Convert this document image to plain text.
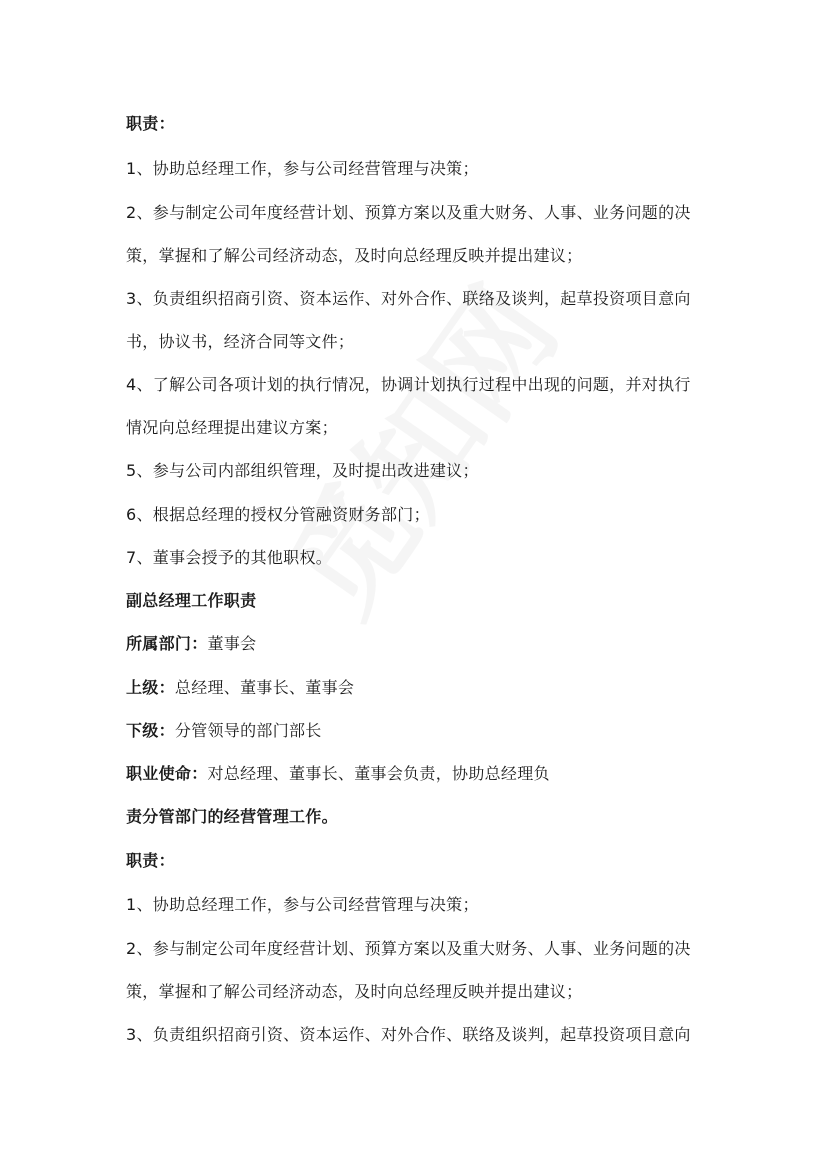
职责：
1、协助总经理工作，参与公司经营管理与决策；
2、参与制定公司年度经营计划、预算方案以及重大财务、人事、业务问题的决
策，掌握和了解公司经济动态，及时向总经理反映并提出建议；
3、负责组织招商引资、资本运作、对外合作、联络及谈判，起草投资项目意向
书，协议书，经济合同等文件；
4、了解公司各项计划的执行情况，协调计划执行过程中出现的问题，并对执行
情况向总经理提出建议方案；
5、参与公司内部组织管理，及时提出改进建议；
6、根据总经理的授权分管融资财务部门；
7、董事会授予的其他职权。
副总经理工作职责
所属部门：董事会
上级：总经理、董事长、董事会
下级：分管领导的部门部长
职业使命：对总经理、董事长、董事会负责，协助总经理负
责分管部门的经营管理工作。
职责：
1、协助总经理工作，参与公司经营管理与决策；
2、参与制定公司年度经营计划、预算方案以及重大财务、人事、业务问题的决
策，掌握和了解公司经济动态，及时向总经理反映并提出建议；
3、负责组织招商引资、资本运作、对外合作、联络及谈判，起草投资项目意向
